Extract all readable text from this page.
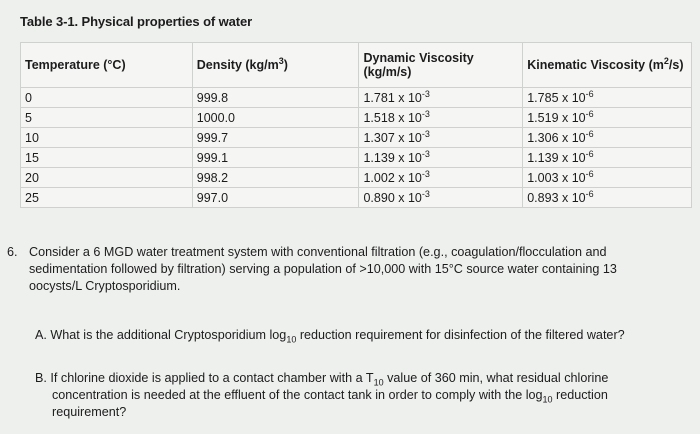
Table 3-1. Physical properties of water
Temperature (°C)	Density $(kg/m^3)$	Dynamic Viscosity
(kg/m/s)	Kinematic Viscosity $(m^2/s)$
0	999.8	1.781 x $10^{-3}$	1.785 x $10^{-6}$
5	1000.0	1.518 x $10^{-3}$	1.519 x $10^{-6}$
10	999.7	1.307 x $10^{-3}$	1.306 x $10^{-6}$
15	999.1	1.139 x $10^{-3}$	1.139 x $10^{-6}$
20	998.2	1.002 x $10^{-3}$	1.003 x $10^{-6}$
25	997.0	0.890 x $10^{-3}$	0.893 x $10^{-6}$
6. Consider a 6 MGD water treatment system with conventional filtration (e.g., coagulation/flocculation and
sedimentation followed by filtration) serving a population of >10,000 with 15°C source water containing 13
oocysts/L Cryptosporidium.
A. What is the additional Cryptosporidium $\log_{10}$ reduction requirement for disinfection of the filtered water?
B. If chlorine dioxide is applied to a contact chamber with a $T_{10}$ value of 360 min, what residual chlorine
concentration is needed at the effluent of the contact tank in order to comply with the $\log_{10}$ reduction
requirement?
